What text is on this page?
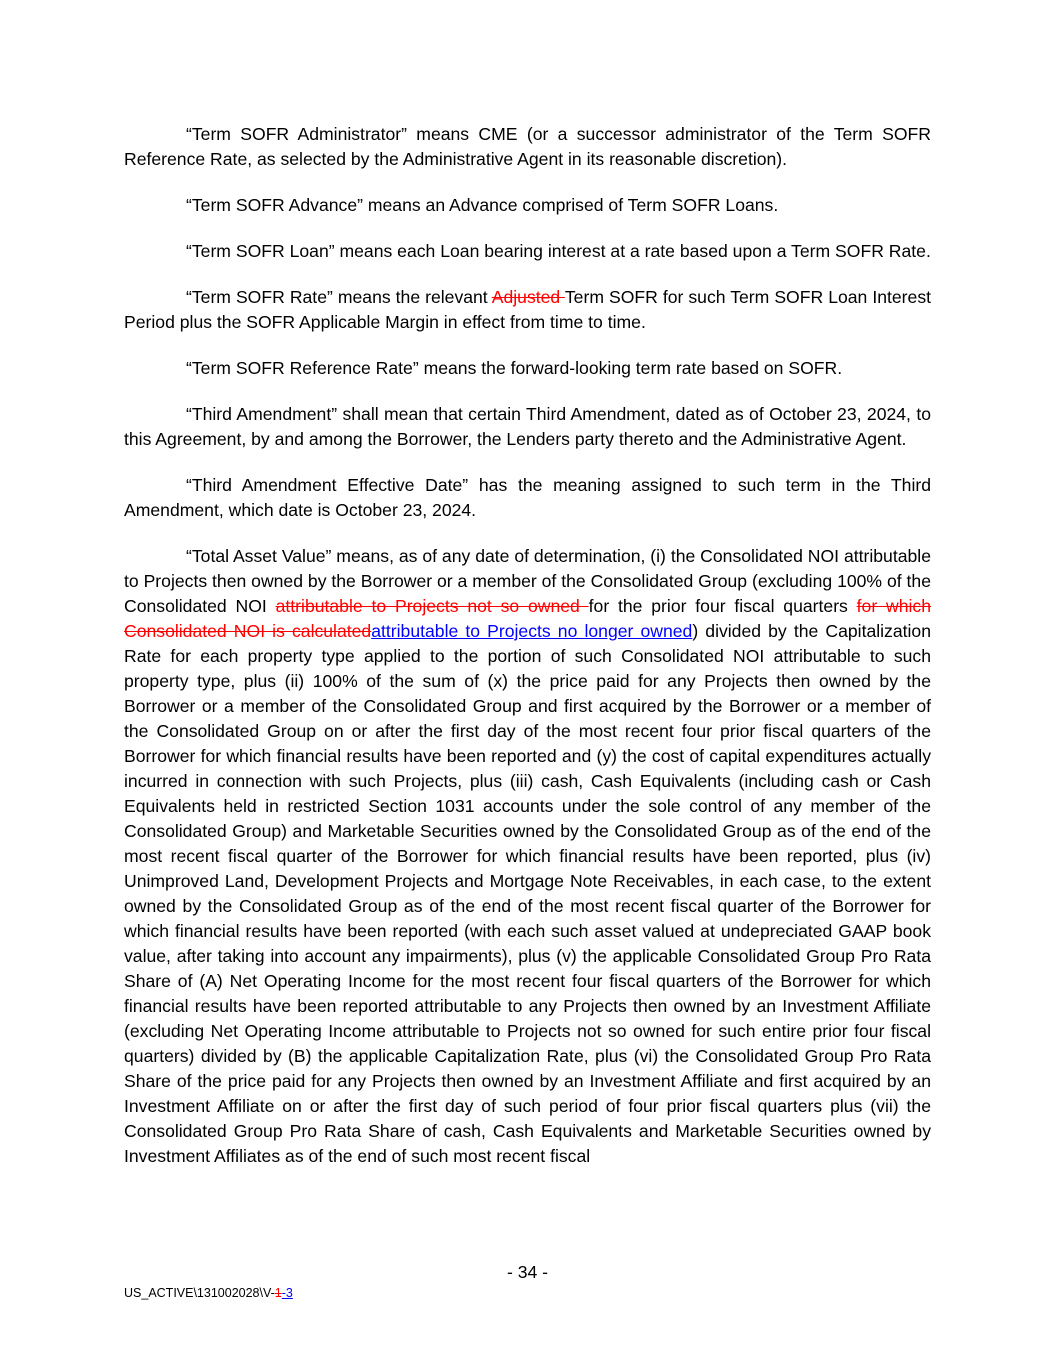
“Term SOFR Administrator” means CME (or a successor administrator of the Term SOFR Reference Rate, as selected by the Administrative Agent in its reasonable discretion).

“Term SOFR Advance” means an Advance comprised of Term SOFR Loans.

“Term SOFR Loan” means each Loan bearing interest at a rate based upon a Term SOFR Rate.

“Term SOFR Rate” means the relevant Adjusted Term SOFR for such Term SOFR Loan Interest Period plus the SOFR Applicable Margin in effect from time to time.

“Term SOFR Reference Rate” means the forward-looking term rate based on SOFR.

“Third Amendment” shall mean that certain Third Amendment, dated as of October 23, 2024, to this Agreement, by and among the Borrower, the Lenders party thereto and the Administrative Agent.

“Third Amendment Effective Date” has the meaning assigned to such term in the Third Amendment, which date is October 23, 2024.

“Total Asset Value” means, as of any date of determination, (i) the Consolidated NOI attributable to Projects then owned by the Borrower or a member of the Consolidated Group (excluding 100% of the Consolidated NOI attributable to Projects not so owned for the prior four fiscal quarters for which Consolidated NOI is calculatedattributable to Projects no longer owned) divided by the Capitalization Rate for each property type applied to the portion of such Consolidated NOI attributable to such property type, plus (ii) 100% of the sum of (x) the price paid for any Projects then owned by the Borrower or a member of the Consolidated Group and first acquired by the Borrower or a member of the Consolidated Group on or after the first day of the most recent four prior fiscal quarters of the Borrower for which financial results have been reported and (y) the cost of capital expenditures actually incurred in connection with such Projects, plus (iii) cash, Cash Equivalents (including cash or Cash Equivalents held in restricted Section 1031 accounts under the sole control of any member of the Consolidated Group) and Marketable Securities owned by the Consolidated Group as of the end of the most recent fiscal quarter of the Borrower for which financial results have been reported, plus (iv) Unimproved Land, Development Projects and Mortgage Note Receivables, in each case, to the extent owned by the Consolidated Group as of the end of the most recent fiscal quarter of the Borrower for which financial results have been reported (with each such asset valued at undepreciated GAAP book value, after taking into account any impairments), plus (v) the applicable Consolidated Group Pro Rata Share of (A) Net Operating Income for the most recent four fiscal quarters of the Borrower for which financial results have been reported attributable to any Projects then owned by an Investment Affiliate (excluding Net Operating Income attributable to Projects not so owned for such entire prior four fiscal quarters) divided by (B) the applicable Capitalization Rate, plus (vi) the Consolidated Group Pro Rata Share of the price paid for any Projects then owned by an Investment Affiliate and first acquired by an Investment Affiliate on or after the first day of such period of four prior fiscal quarters plus (vii) the Consolidated Group Pro Rata Share of cash, Cash Equivalents and Marketable Securities owned by Investment Affiliates as of the end of such most recent fiscal

- 34 -
US_ACTIVE\131002028\V-1-3
